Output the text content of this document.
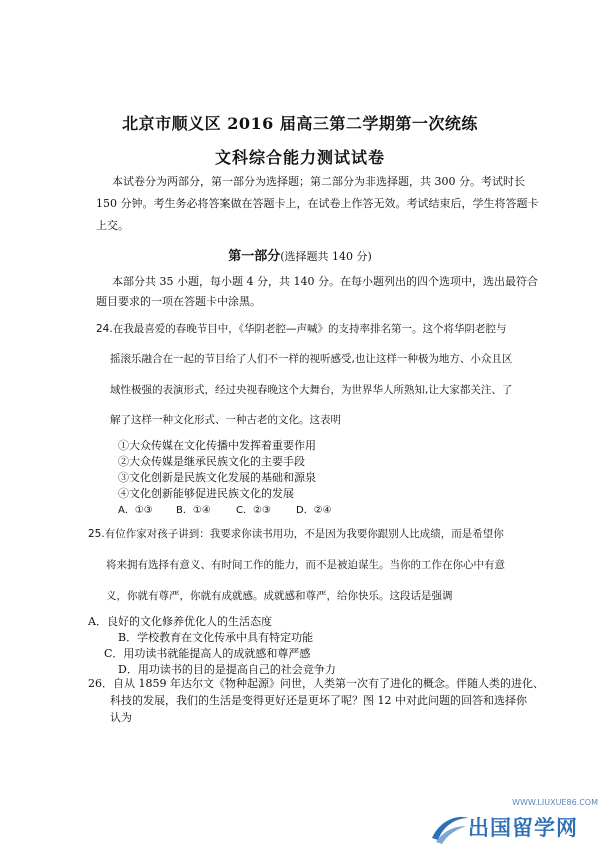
北京市顺义区 2016 届高三第二学期第一次统练
文科综合能力测试试卷
本试卷分为两部分，第一部分为选择题；第二部分为非选择题，共 300 分。考试时长
150 分钟。考生务必将答案做在答题卡上，在试卷上作答无效。考试结束后，学生将答题卡
上交。
第一部分(选择题共 140 分)
本部分共 35 小题，每小题 4 分，共 140 分。在每小题列出的四个选项中，选出最符合
题目要求的一项在答题卡中涂黑。
24.在我最喜爱的春晚节目中，《华阴老腔—声喊》的支持率排名第一。这个将华阴老腔与
摇滚乐融合在一起的节目给了人们不一样的视听感受,也让这样一种极为地方、小众且区
域性极强的表演形式，经过央视春晚这个大舞台，为世界华人所熟知,让大家都关注、了
解了这样一种文化形式、一种古老的文化。这表明
①大众传媒在文化传播中发挥着重要作用
②大众传媒是继承民族文化的主要手段
③文化创新是民族文化发展的基础和源泉
④文化创新能够促进民族文化的发展
A．①③ B．①④	C．②③	D．②④
25.有位作家对孩子讲到：我要求你读书用功，不是因为我要你跟别人比成绩，而是希望你
将来拥有选择有意义、有时间工作的能力，而不是被迫谋生。当你的工作在你心中有意
义，你就有尊严，你就有成就感。成就感和尊严，给你快乐。这段话是强调
A．良好的文化修养优化人的生活态度
B．学校教育在文化传承中具有特定功能
C．用功读书就能提高人的成就感和尊严感
D．用功读书的目的是提高自己的社会竞争力
26．自从 1859 年达尔文《物种起源》问世，人类第一次有了进化的概念。伴随人类的进化、
科技的发展，我们的生活是变得更好还是更坏了呢？图 12 中对此问题的回答和选择你
认为
WWW.LIUXUE86.COM
出国留学网
